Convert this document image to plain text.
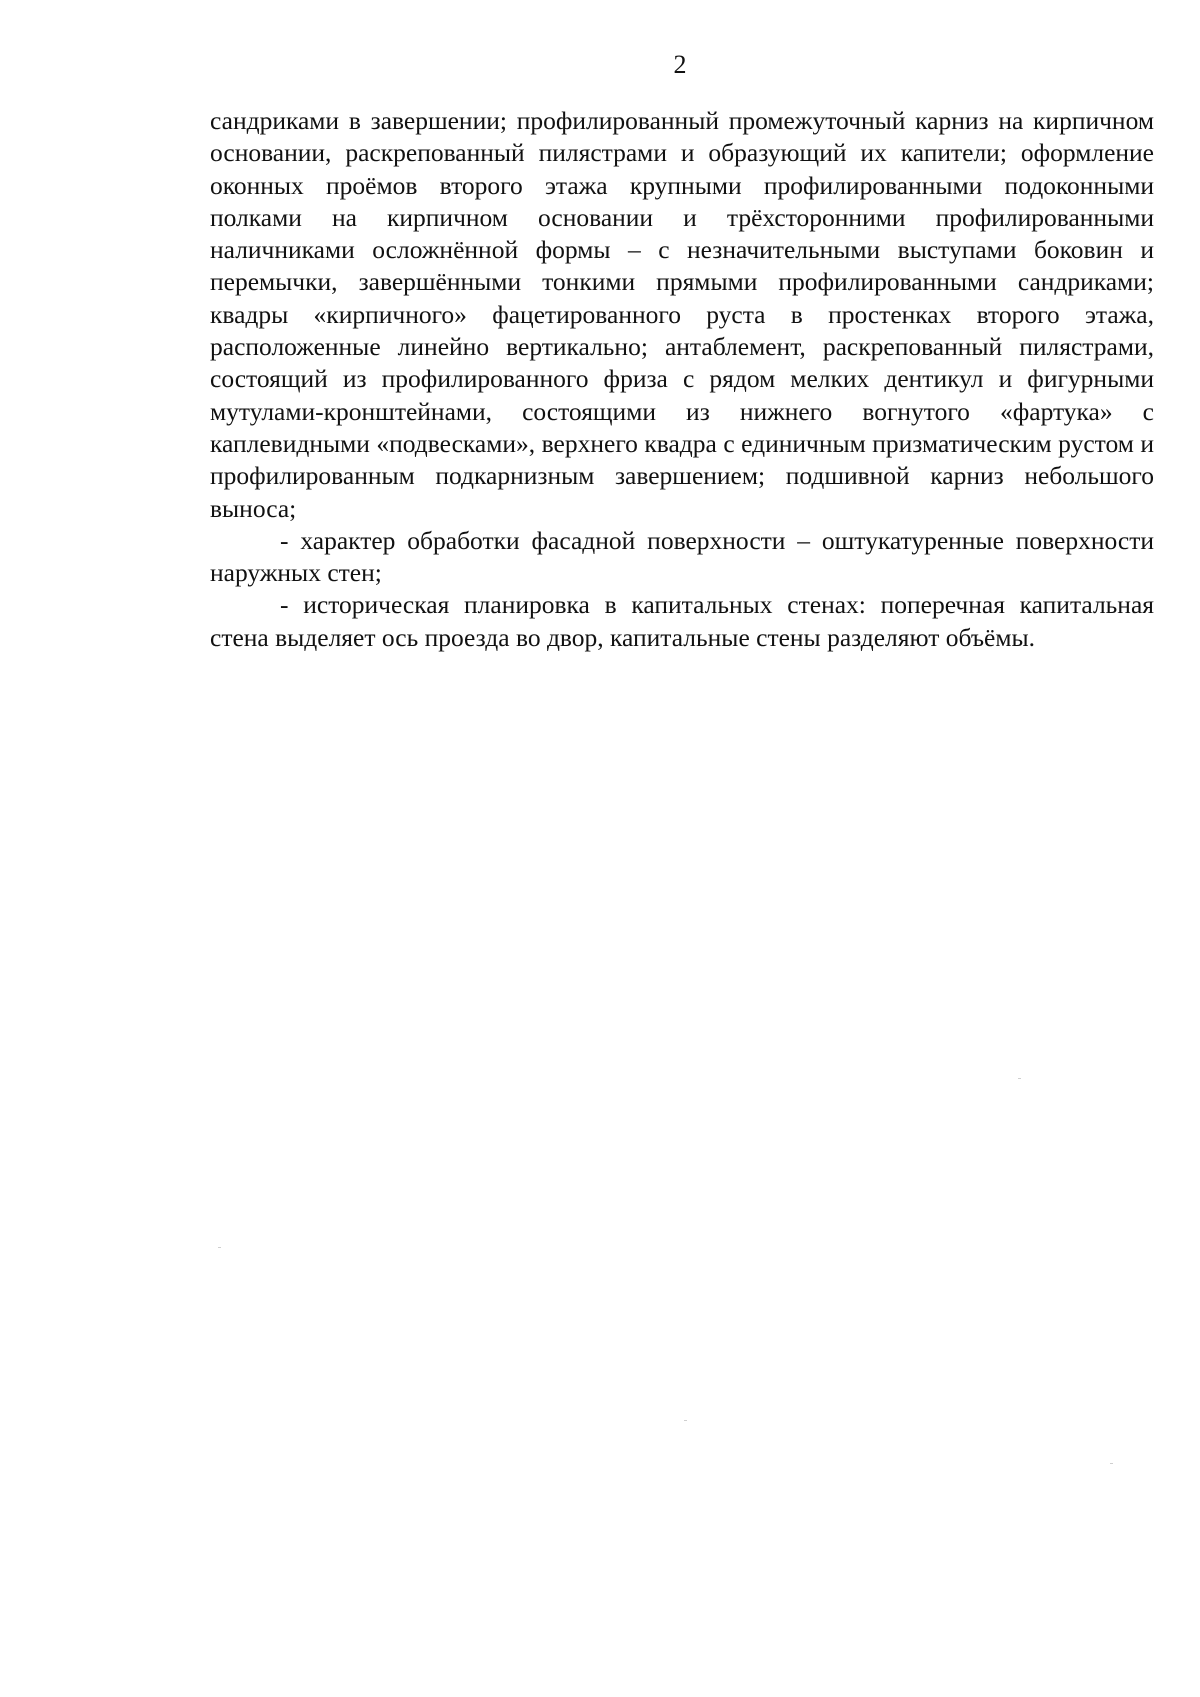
2

сандриками в завершении; профилированный промежуточный карниз на кирпичном основании, раскрепованный пилястрами и образующий их капители; оформление оконных проёмов второго этажа крупными профилированными подоконными полками на кирпичном основании и трёхсторонними профилированными наличниками осложнённой формы – с незначительными выступами боковин и перемычки, завершёнными тонкими прямыми профилированными сандриками; квадры «кирпичного» фацетированного руста в простенках второго этажа, расположенные линейно вертикально; антаблемент, раскрепованный пилястрами, состоящий из профилированного фриза с рядом мелких дентикул и фигурными мутулами-кронштейнами, состоящими из нижнего вогнутого «фартука» с каплевидными «подвесками», верхнего квадра с единичным призматическим рустом и профилированным подкарнизным завершением; подшивной карниз небольшого выноса;

- характер обработки фасадной поверхности – оштукатуренные поверхности наружных стен;

- историческая планировка в капитальных стенах: поперечная капитальная стена выделяет ось проезда во двор, капитальные стены разделяют объёмы.
